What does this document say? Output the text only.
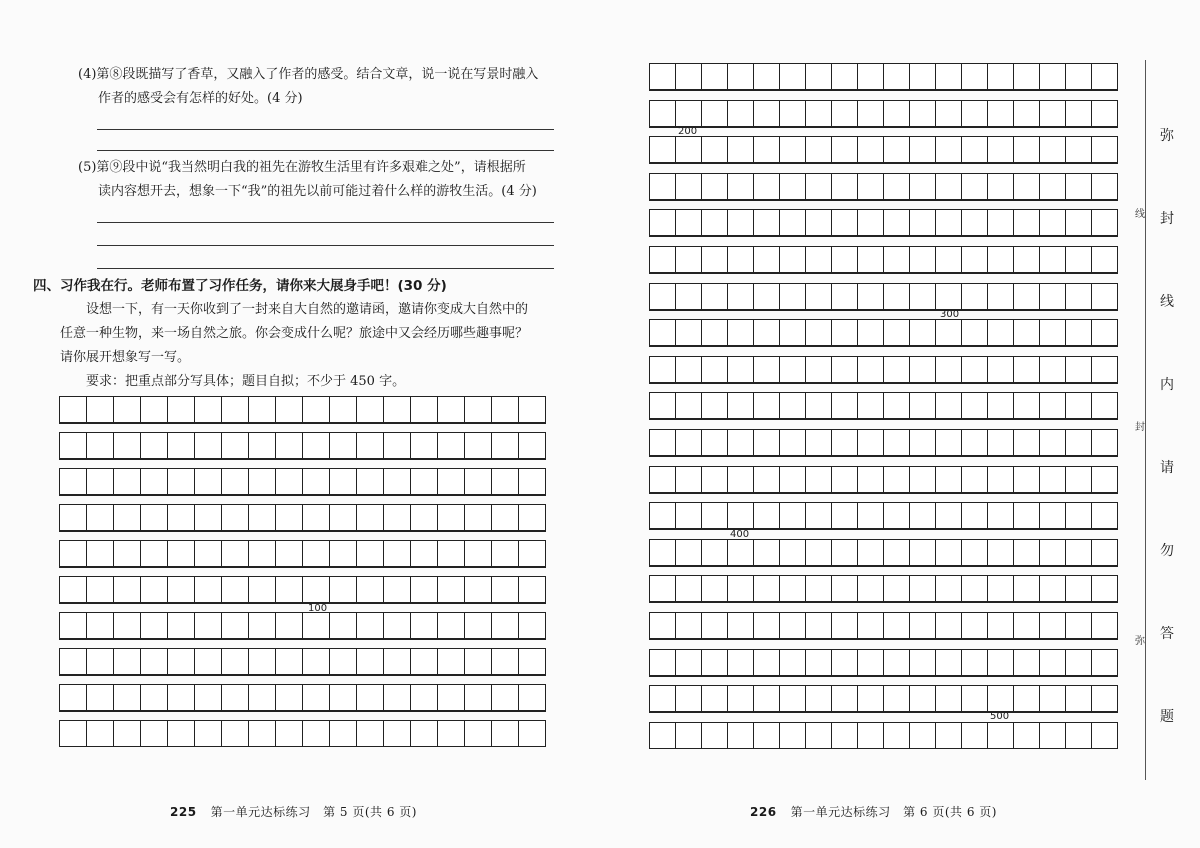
(4)第⑧段既描写了香草，又融入了作者的感受。结合文章，说一说在写景时融入
作者的感受会有怎样的好处。(4 分)
(5)第⑨段中说“我当然明白我的祖先在游牧生活里有许多艰难之处”，请根据所
读内容想开去，想象一下“我”的祖先以前可能过着什么样的游牧生活。(4 分)
四、习作我在行。老师布置了习作任务，请你来大展身手吧！(30 分)
设想一下，有一天你收到了一封来自大自然的邀请函，邀请你变成大自然中的
任意一种生物，来一场自然之旅。你会变成什么呢？旅途中又会经历哪些趣事呢？
请你展开想象写一写。
要求：把重点部分写具体；题目自拟；不少于 450 字。
100
200
300
400
500
225 第一单元达标练习　第 5 页(共 6 页)	226 第一单元达标练习　第 6 页(共 6 页)
线
封
弥
弥
封
线
内
请
勿
答
题
